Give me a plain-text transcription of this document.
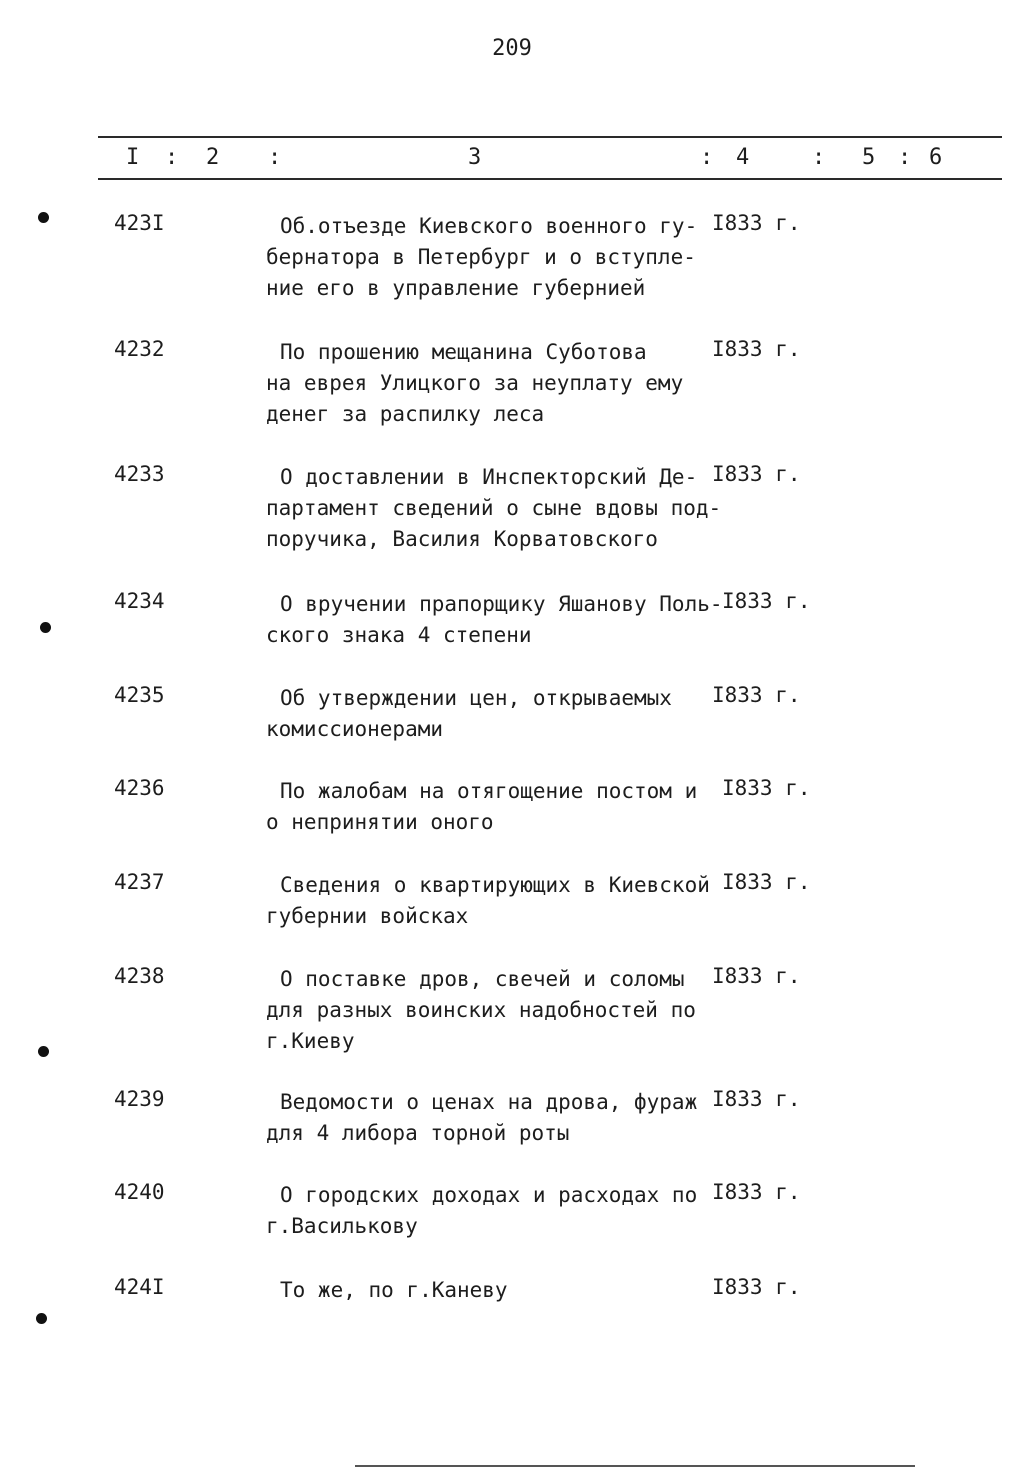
209
I : 2 :	3	: 4	: 5 : 6
423I	Об.отъезде Киевского военного гу-
бернатора в Петербург и о вступле-
ние его в управление губернией
I833 г.
4232	По прошению мещанина Суботова
на еврея Улицкого за неуплату ему
денег за распилку леса
I833 г.
4233	О доставлении в Инспекторский Де-
партамент сведений о сыне вдовы под-
поручика, Василия Корватовского
I833 г.
4234	О вручении прапорщику Яшанову Поль-
ского знака 4 степени
I833 г.
4235	Об утверждении цен, открываемых
комиссионерами
I833 г.
4236	По жалобам на отягощение постом и
о непринятии оного
I833 г.
4237	Сведения о квартирующих в Киевской
губернии войсках
I833 г.
4238	О поставке дров, свечей и соломы
для разных воинских надобностей по
г.Киеву
I833 г.
4239	Ведомости о ценах на дрова, фураж
для 4 либора торной роты
I833 г.
4240	О городских доходах и расходах по
г.Василькову
I833 г.
424I	То же, по г.Каневу	I833 г.
